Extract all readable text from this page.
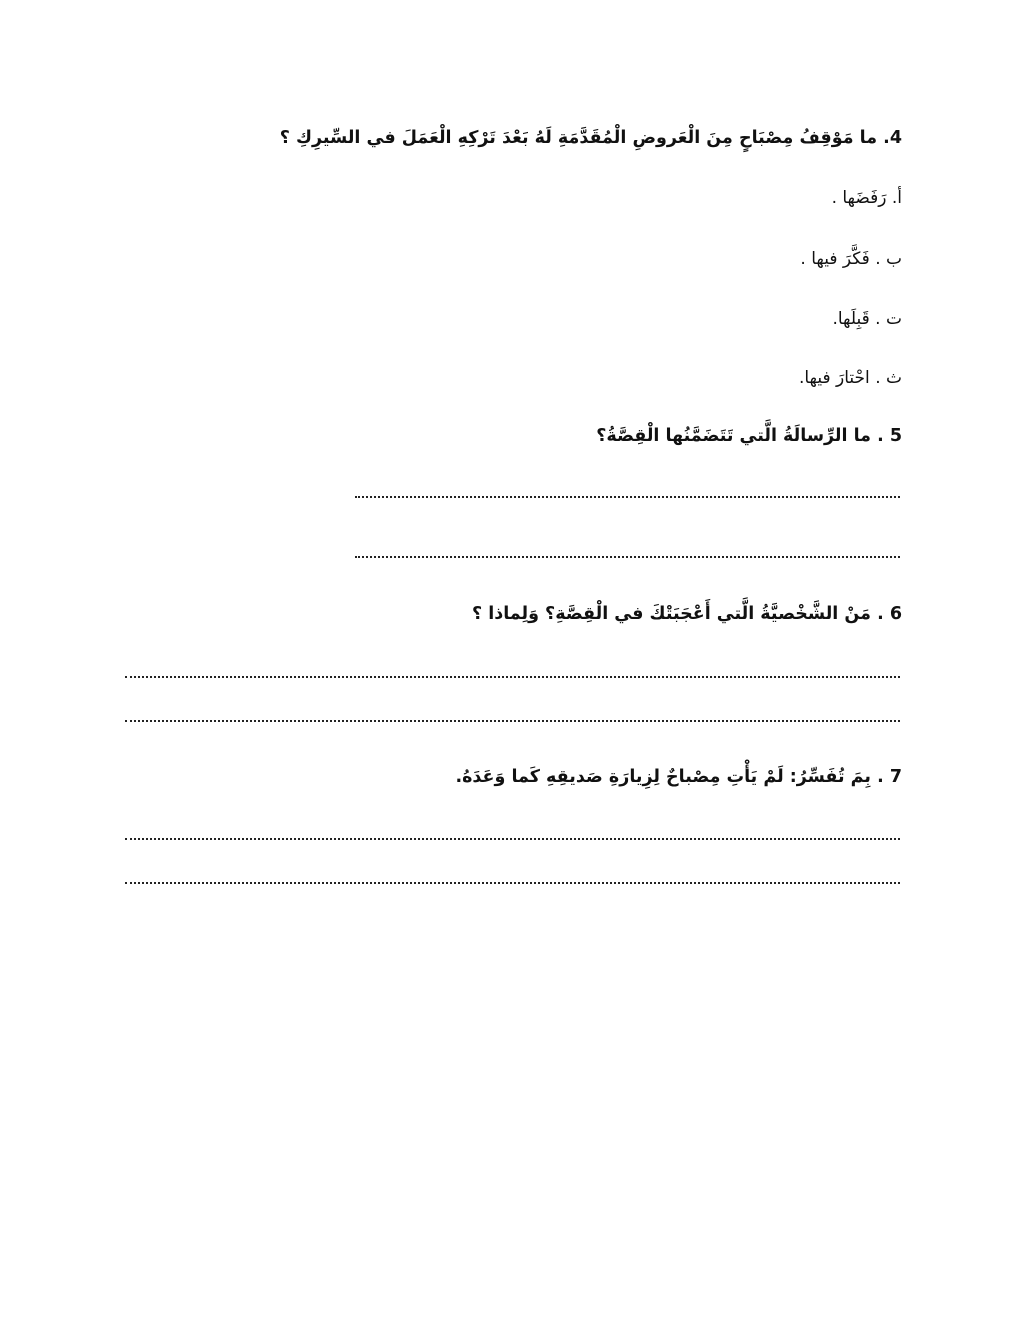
4. ما مَوْقِفُ مِصْبَاحٍ مِنَ الْعَروضِ الْمُقَدَّمَةِ لَهُ بَعْدَ تَرْكِهِ الْعَمَلَ في السِّيرِكِ ؟
أ. رَفَضَها .
ب . فَكَّرَ فيها .
ت . قَبِلَها.
ث . احْتارَ فيها.
5 . ما الرِّسالَةُ الَّتي تَتَضَمَّنُها الْقِصَّةُ؟
6 . مَنْ الشَّخْصيَّةُ الَّتي أَعْجَبَتْكَ في الْقِصَّةِ؟ وَلِماذا ؟
7 . بِمَ تُفَسِّرُ: لَمْ يَأْتِ مِصْباحٌ لِزِيارَةِ صَديقِهِ كَما وَعَدَهُ.
